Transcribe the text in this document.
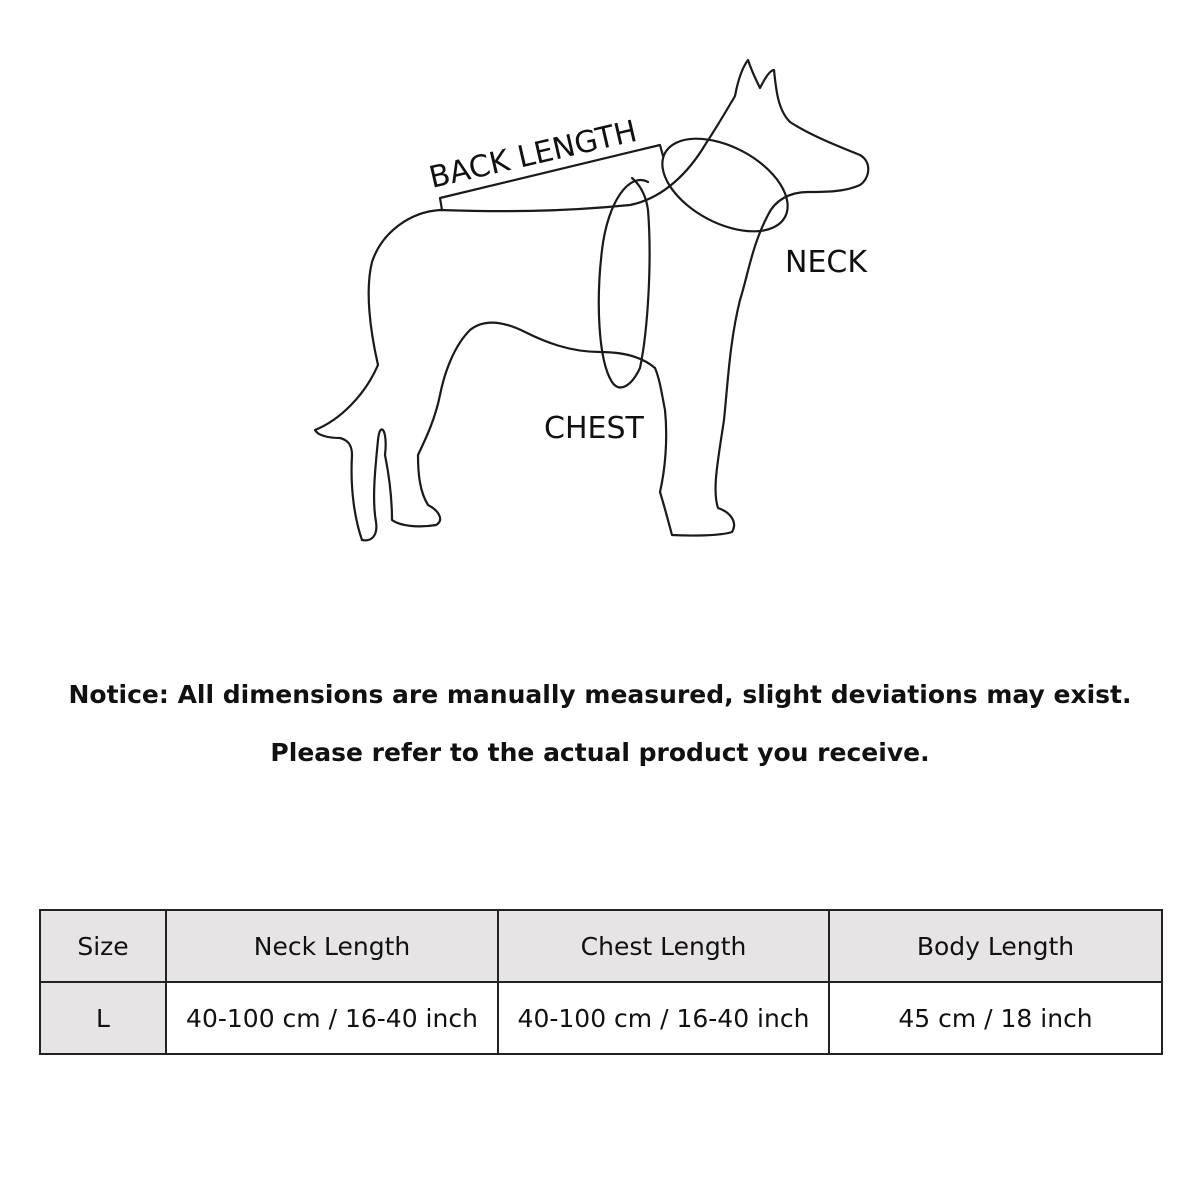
BACK LENGTH
NECK
CHEST
Notice: All dimensions are manually measured, slight deviations may exist.
Please refer to the actual product you receive.
Size	Neck Length	Chest Length	Body Length
L	40-100 cm / 16-40 inch	40-100 cm / 16-40 inch	45 cm / 18 inch
